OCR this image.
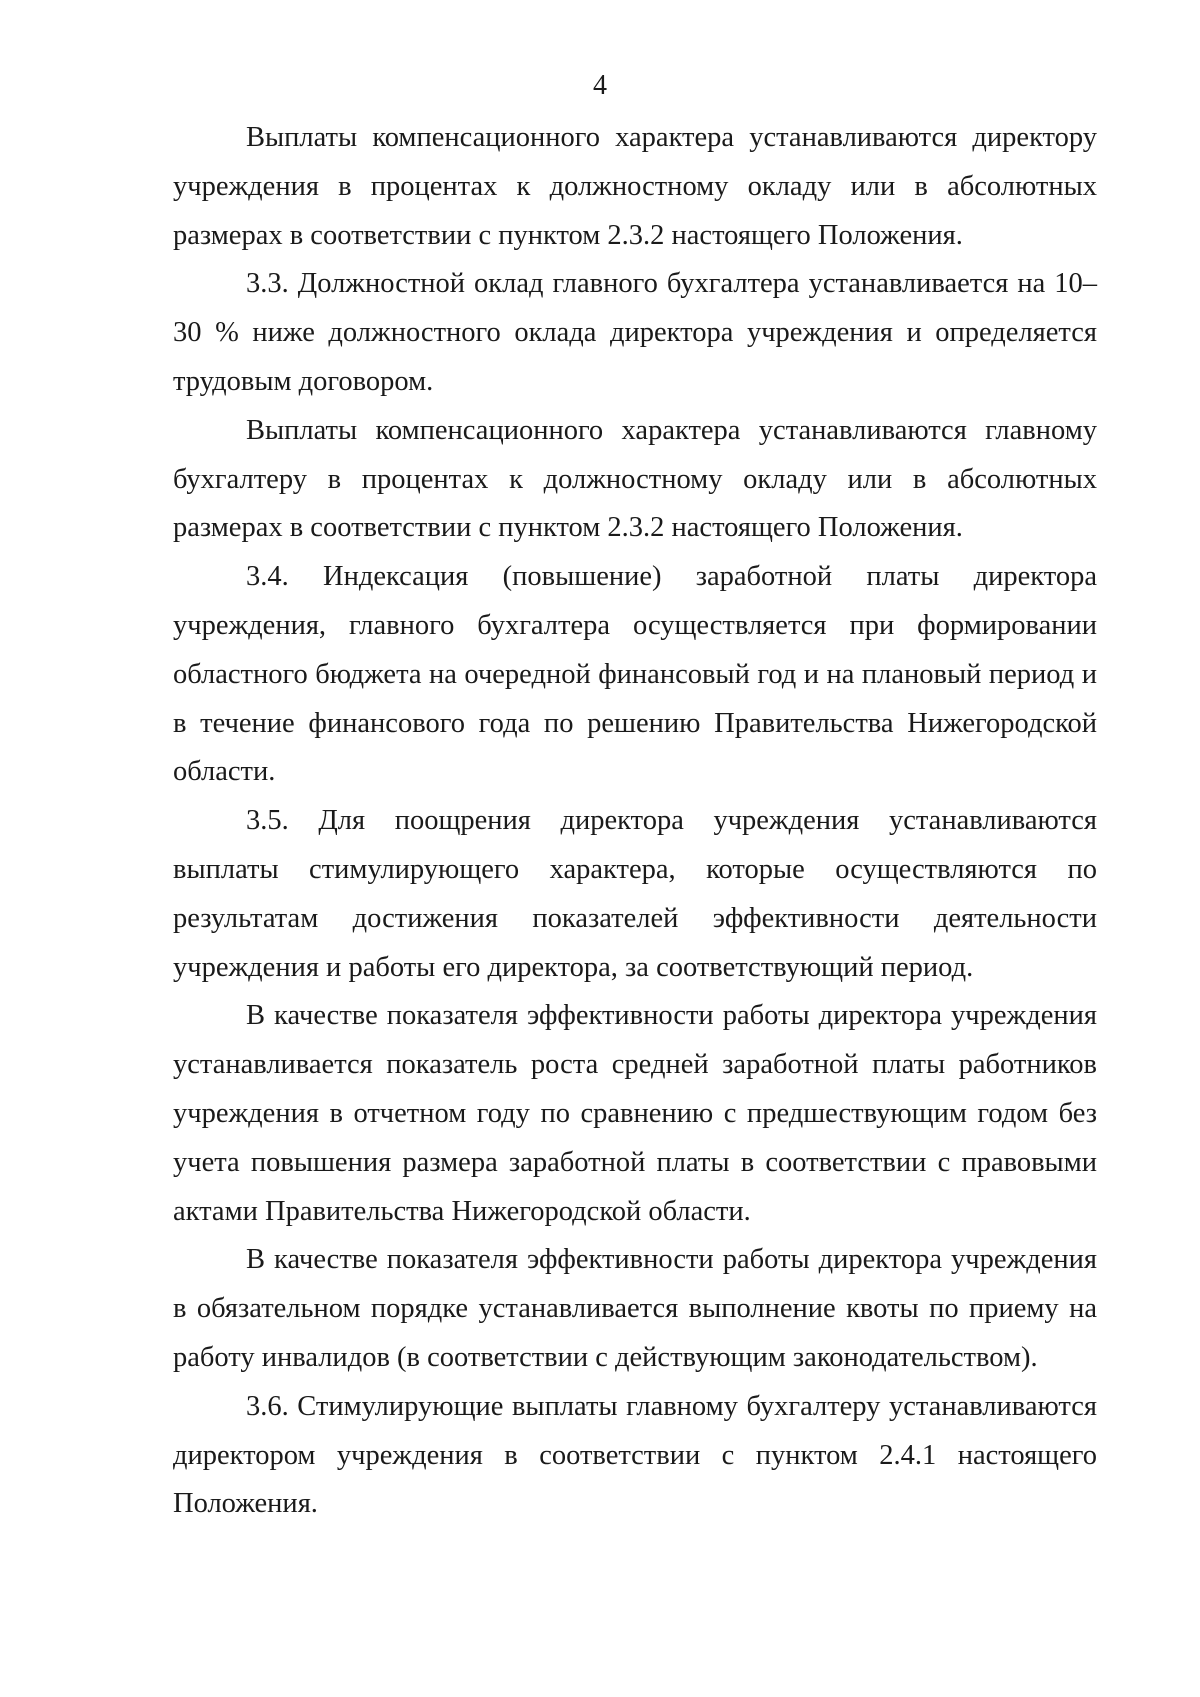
4

Выплаты компенсационного характера устанавливаются директору учреждения в процентах к должностному окладу или в абсолютных размерах в соответствии с пунктом 2.3.2 настоящего Положения.

3.3. Должностной оклад главного бухгалтера устанавливается на 10–30 % ниже должностного оклада директора учреждения и определяется трудовым договором.

Выплаты компенсационного характера устанавливаются главному бухгалтеру в процентах к должностному окладу или в абсолютных размерах в соответствии с пунктом 2.3.2 настоящего Положения.

3.4. Индексация (повышение) заработной платы директора учреждения, главного бухгалтера осуществляется при формировании областного бюджета на очередной финансовый год и на плановый период и в течение финансового года по решению Правительства Нижегородской области.

3.5. Для поощрения директора учреждения устанавливаются выплаты стимулирующего характера, которые осуществляются по результатам достижения показателей эффективности деятельности учреждения и работы его директора, за соответствующий период.

В качестве показателя эффективности работы директора учреждения устанавливается показатель роста средней заработной платы работников учреждения в отчетном году по сравнению с предшествующим годом без учета повышения размера заработной платы в соответствии с правовыми актами Правительства Нижегородской области.

В качестве показателя эффективности работы директора учреждения в обязательном порядке устанавливается выполнение квоты по приему на работу инвалидов (в соответствии с действующим законодательством).

3.6. Стимулирующие выплаты главному бухгалтеру устанавливаются директором учреждения в соответствии с пунктом 2.4.1 настоящего Положения.
